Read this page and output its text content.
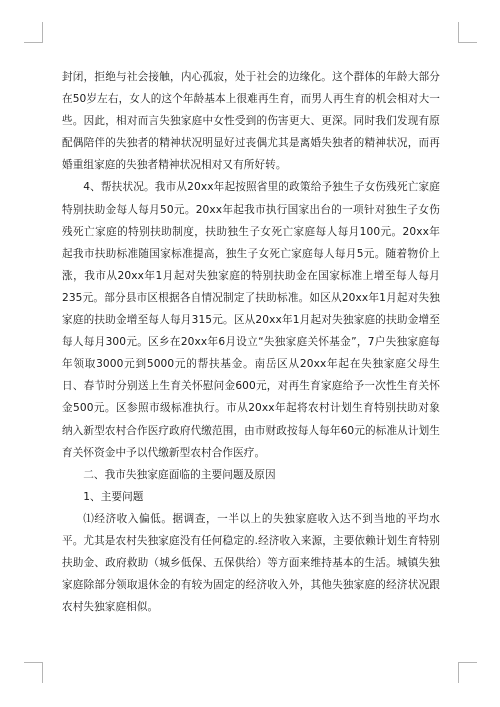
封闭，拒绝与社会接触，内心孤寂，处于社会的边缘化。这个群体的年龄大部分在50岁左右，女人的这个年龄基本上很难再生育，而男人再生育的机会相对大一些。因此，相对而言失独家庭中女性受到的伤害更大、更深。同时我们发现有原配偶陪伴的失独者的精神状况明显好过丧偶尤其是离婚失独者的精神状况，而再婚重组家庭的失独者精神状况相对又有所好转。

4、帮扶状况。我市从20xx年起按照省里的政策给予独生子女伤残死亡家庭特别扶助金每人每月50元。20xx年起我市执行国家出台的一项针对独生子女伤残死亡家庭的特别扶助制度，扶助独生子女死亡家庭每人每月100元。20xx年起我市扶助标准随国家标准提高，独生子女死亡家庭每人每月5元。随着物价上涨，我市从20xx年1月起对失独家庭的特别扶助金在国家标准上增至每人每月235元。部分县市区根据各自情况制定了扶助标准。如区从20xx年1月起对失独家庭的扶助金增至每人每月315元。区从20xx年1月起对失独家庭的扶助金增至每人每月300元。区乡在20xx年6月设立“失独家庭关怀基金”，7户失独家庭每年领取3000元到5000元的帮扶基金。南岳区从20xx年起在失独家庭父母生日、春节时分别送上生育关怀慰问金600元，对再生育家庭给予一次性生育关怀金500元。区参照市级标准执行。市从20xx年起将农村计划生育特别扶助对象纳入新型农村合作医疗政府代缴范围，由市财政按每人每年60元的标准从计划生育关怀资金中予以代缴新型农村合作医疗。

二、我市失独家庭面临的主要问题及原因

1、主要问题

⑴经济收入偏低。据调查，一半以上的失独家庭收入达不到当地的平均水平。尤其是农村失独家庭没有任何稳定的.经济收入来源，主要依赖计划生育特别扶助金、政府救助（城乡低保、五保供给）等方面来维持基本的生活。城镇失独家庭除部分领取退休金的有较为固定的经济收入外，其他失独家庭的经济状况跟农村失独家庭相似。
